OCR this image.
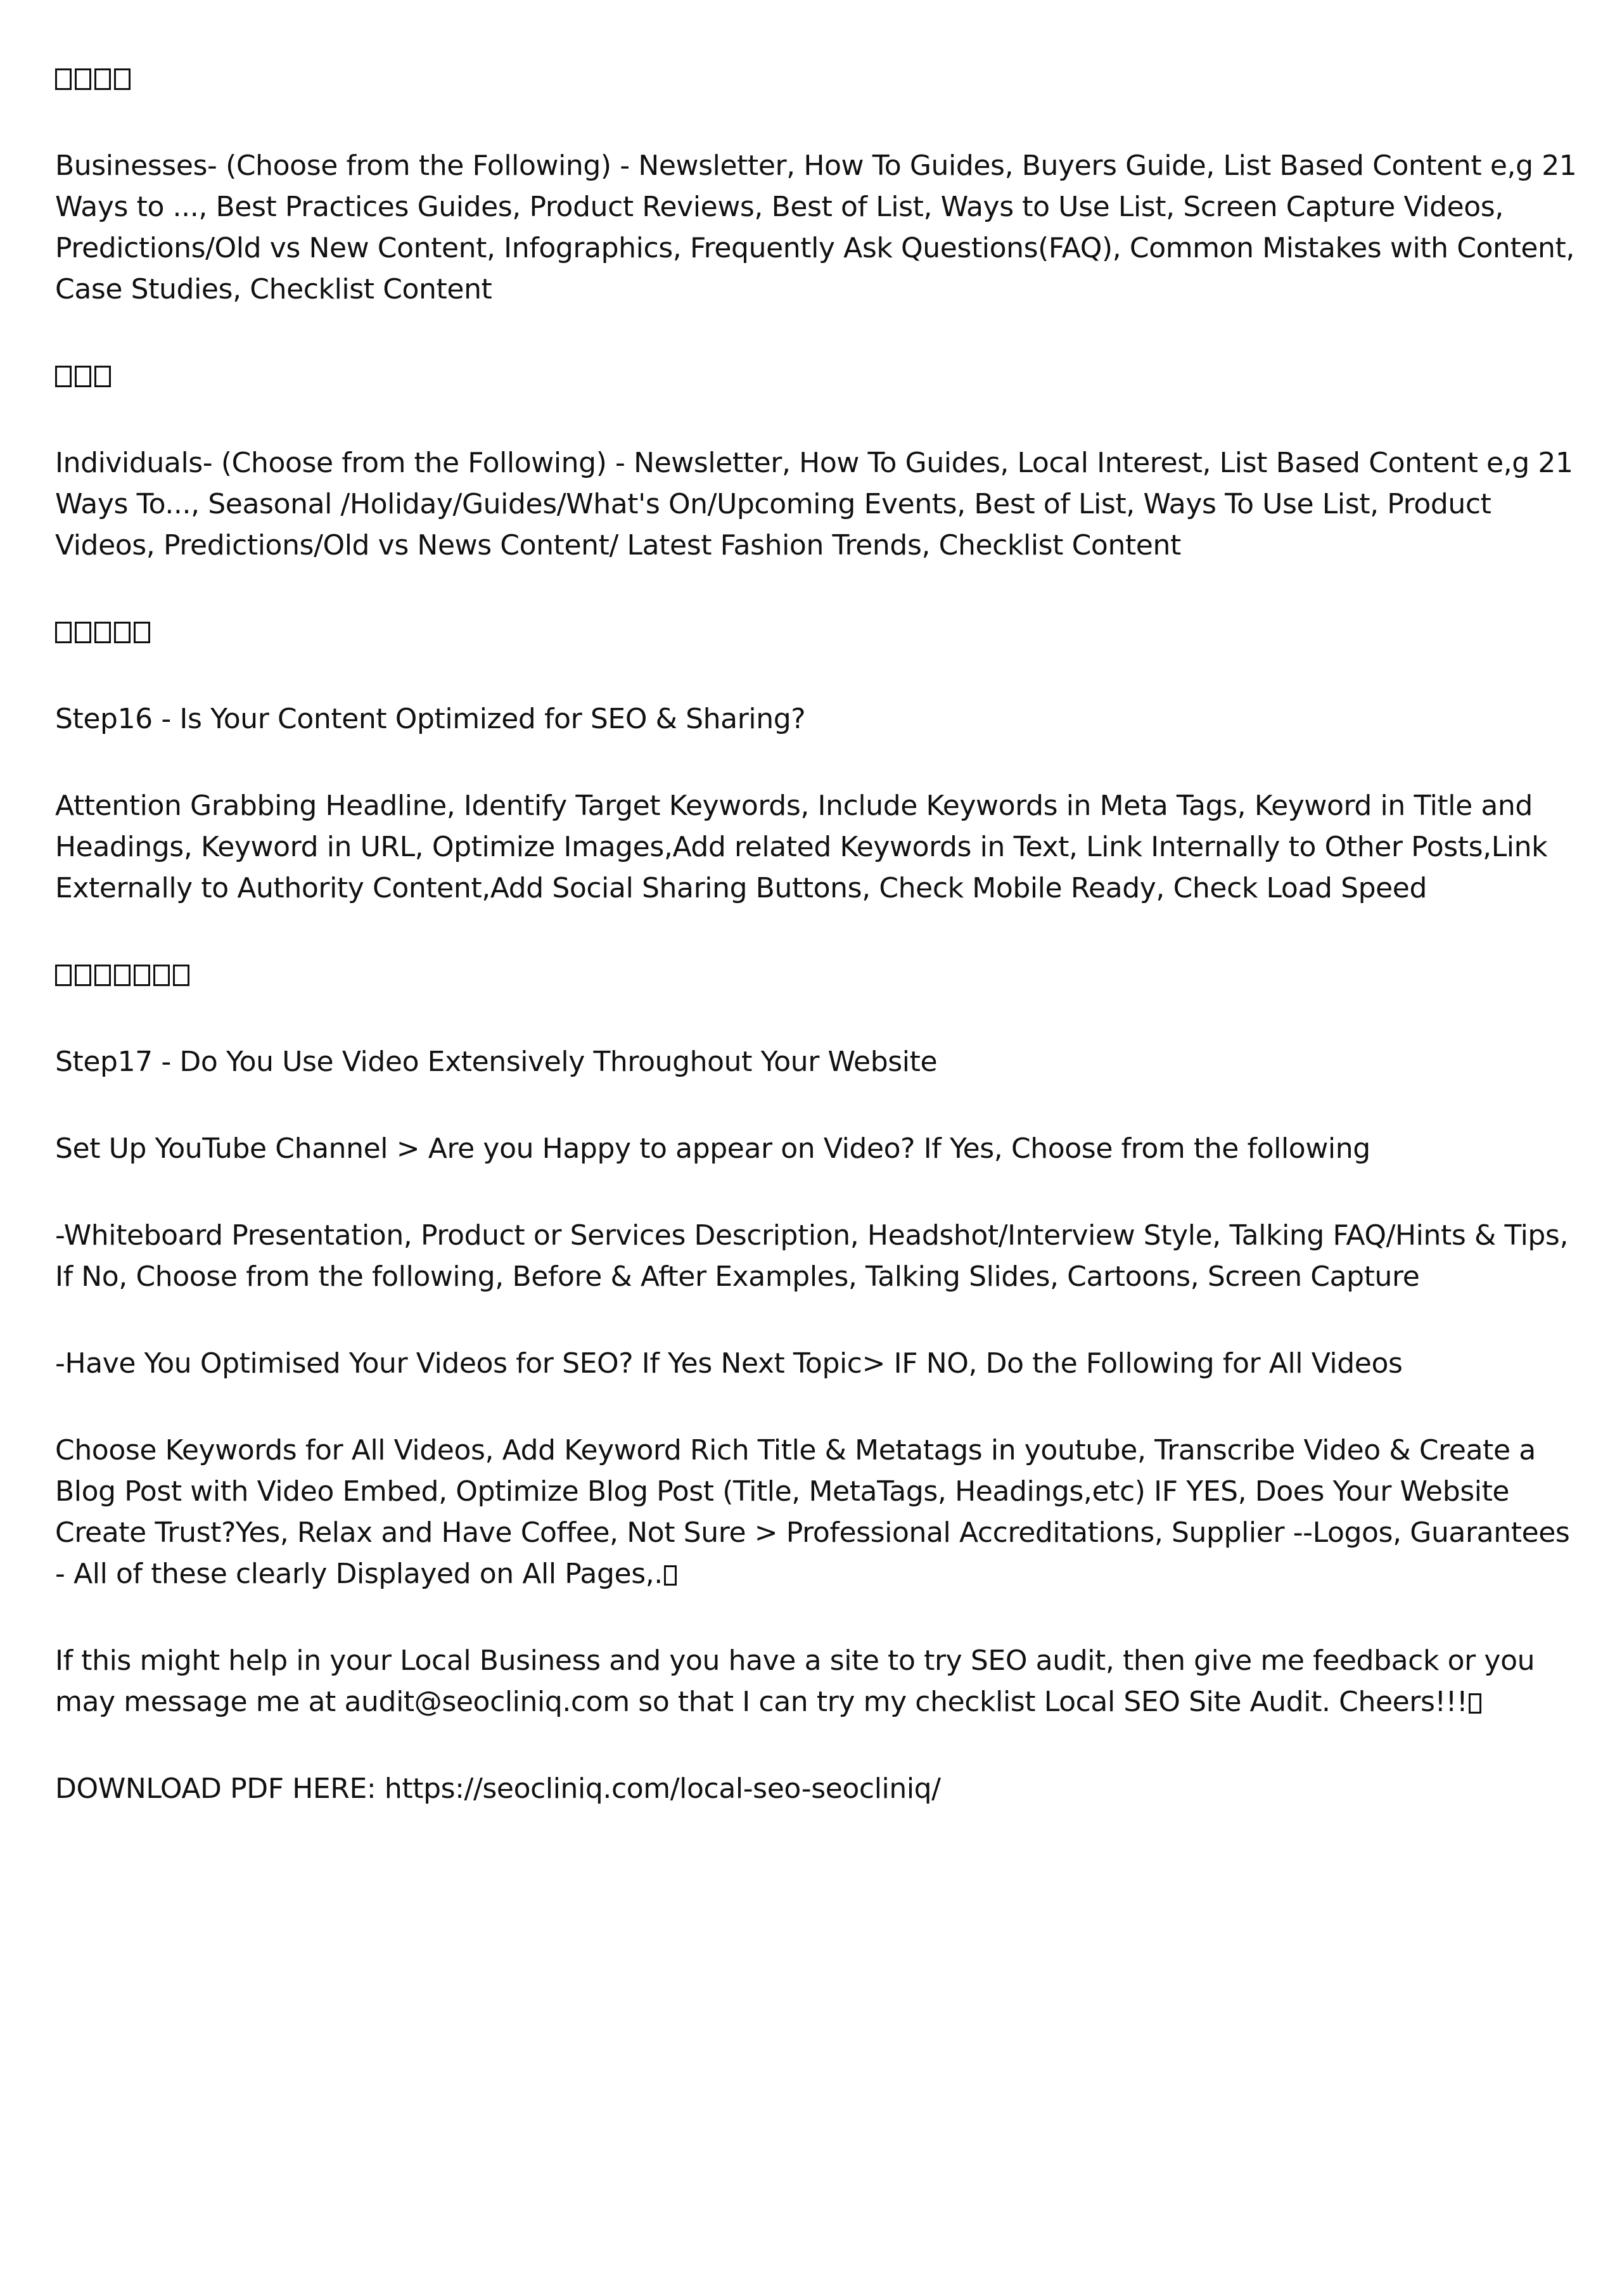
Businesses- (Choose from the Following) - Newsletter, How To Guides, Buyers Guide, List Based Content e,g 21 Ways to ..., Best Practices Guides, Product Reviews, Best of List, Ways to Use List, Screen Capture Videos, Predictions/Old vs New Content, Infographics, Frequently Ask Questions(FAQ), Common Mistakes with Content, Case Studies, Checklist Content

Individuals- (Choose from the Following) - Newsletter, How To Guides, Local Interest, List Based Content e,g 21 Ways To..., Seasonal /Holiday/Guides/What's On/Upcoming Events, Best of List, Ways To Use List, Product Videos, Predictions/Old vs News Content/ Latest Fashion Trends, Checklist Content

Step16 - Is Your Content Optimized for SEO & Sharing?

Attention Grabbing Headline, Identify Target Keywords, Include Keywords in Meta Tags, Keyword in Title and Headings, Keyword in URL, Optimize Images,Add related Keywords in Text, Link Internally to Other Posts,Link Externally to Authority Content,Add Social Sharing Buttons, Check Mobile Ready, Check Load Speed

Step17 - Do You Use Video Extensively Throughout Your Website

Set Up YouTube Channel > Are you Happy to appear on Video? If Yes, Choose from the following

-Whiteboard Presentation, Product or Services Description, Headshot/Interview Style, Talking FAQ/Hints & Tips, If No, Choose from the following, Before & After Examples, Talking Slides, Cartoons, Screen Capture

-Have You Optimised Your Videos for SEO? If Yes Next Topic> IF NO, Do the Following for All Videos

Choose Keywords for All Videos, Add Keyword Rich Title & Metatags in youtube, Transcribe Video & Create a Blog Post with Video Embed, Optimize Blog Post (Title, MetaTags, Headings,etc) IF YES, Does Your Website Create Trust?Yes, Relax and Have Coffee, Not Sure > Professional Accreditations, Supplier --Logos, Guarantees - All of these clearly Displayed on All Pages,.

If this might help in your Local Business and you have a site to try SEO audit, then give me feedback or you may message me at audit@seocliniq.com so that I can try my checklist Local SEO Site Audit. Cheers!!!

DOWNLOAD PDF HERE: https://seocliniq.com/local-seo-seocliniq/
